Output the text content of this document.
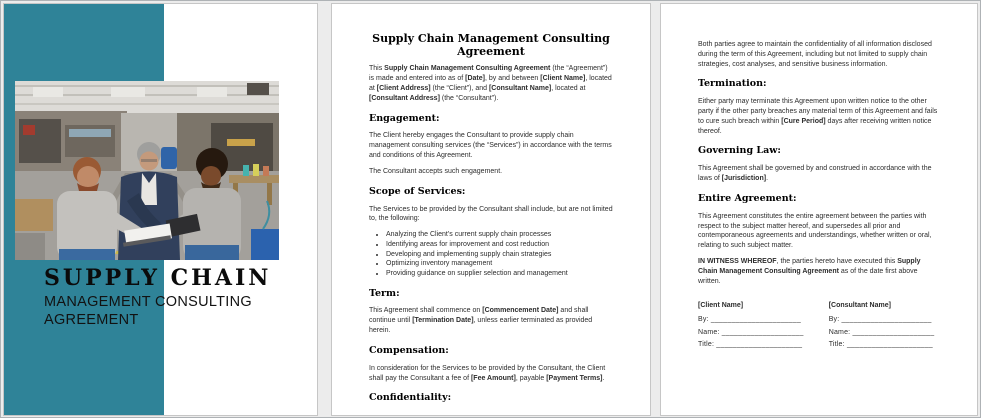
SUPPLY CHAIN
MANAGEMENT CONSULTING AGREEMENT
Supply Chain Management Consulting Agreement

This Supply Chain Management Consulting Agreement (the “Agreement”) is made and entered into as of [Date], by and between [Client Name], located at [Client Address] (the “Client”), and [Consultant Name], located at [Consultant Address] (the “Consultant”).

Engagement:

The Client hereby engages the Consultant to provide supply chain management consulting services (the “Services”) in accordance with the terms and conditions of this Agreement.

The Consultant accepts such engagement.

Scope of Services:

The Services to be provided by the Consultant shall include, but are not limited to, the following:

• Analyzing the Client’s current supply chain processes
• Identifying areas for improvement and cost reduction
• Developing and implementing supply chain strategies
• Optimizing inventory management
• Providing guidance on supplier selection and management
Term:

This Agreement shall commence on [Commencement Date] and shall continue until [Termination Date], unless earlier terminated as provided herein.

Compensation:

In consideration for the Services to be provided by the Consultant, the Client shall pay the Consultant a fee of [Fee Amount], payable [Payment Terms].

Confidentiality:

Both parties agree to maintain the confidentiality of all information disclosed during the term of this Agreement, including but not limited to supply chain strategies, cost analyses, and sensitive business information.

Termination:

Either party may terminate this Agreement upon written notice to the other party if the other party breaches any material term of this Agreement and fails to cure such breach within [Cure Period] days after receiving written notice thereof.

Governing Law:

This Agreement shall be governed by and construed in accordance with the laws of [Jurisdiction].

Entire Agreement:

This Agreement constitutes the entire agreement between the parties with respect to the subject matter hereof, and supersedes all prior and contemporaneous agreements and understandings, whether written or oral, relating to such subject matter.

IN WITNESS WHEREOF, the parties hereto have executed this Supply Chain Management Consulting Agreement as of the date first above written.

[Client Name]
By: ______________________
Name: ____________________
Title: _____________________
[Consultant Name]
By: ______________________
Name: ____________________
Title: _____________________
